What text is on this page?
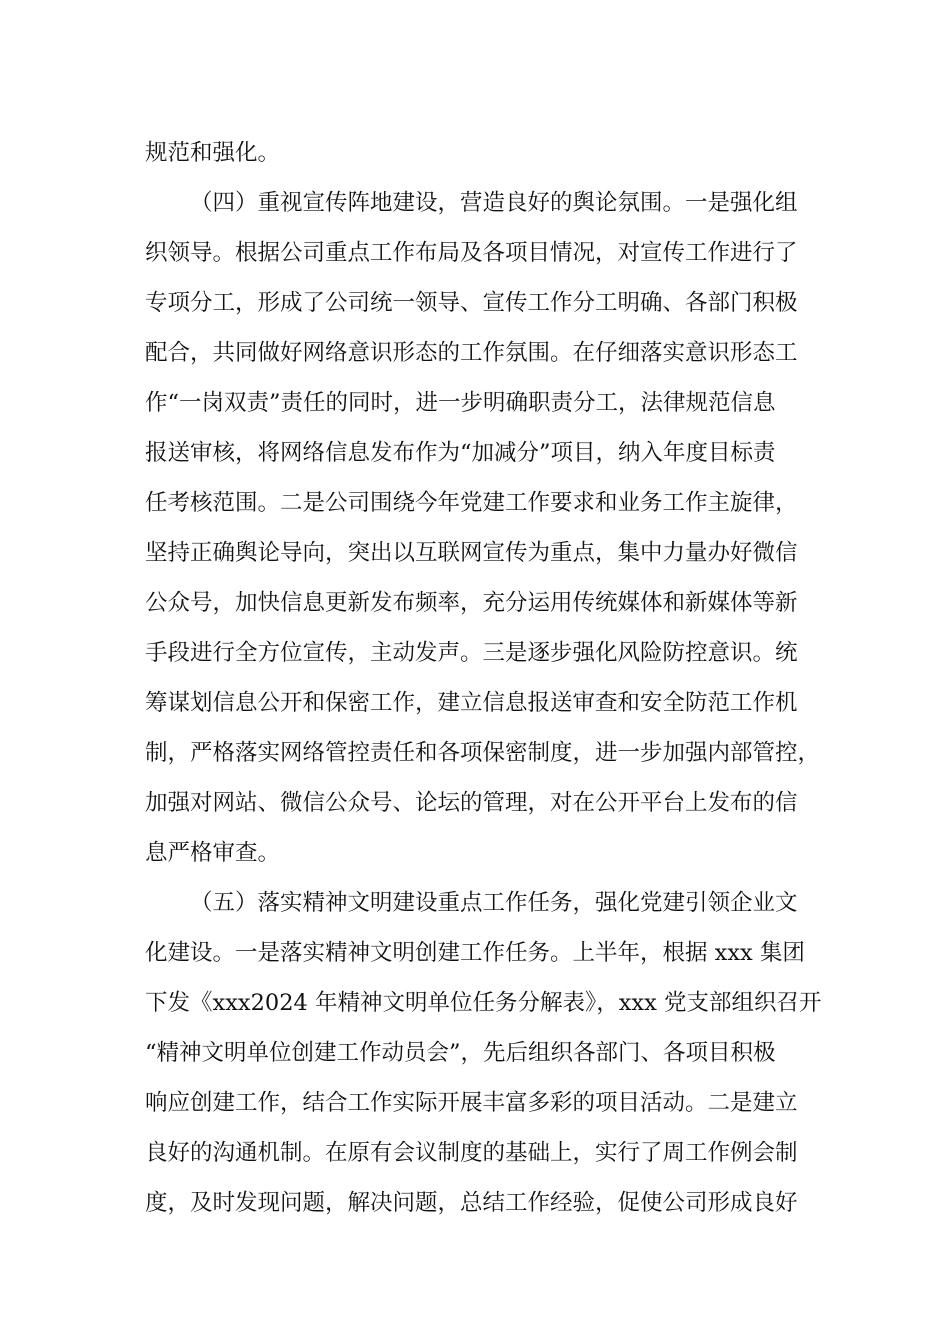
规范和强化。
（四）重视宣传阵地建设，营造良好的舆论氛围。一是强化组
织领导。根据公司重点工作布局及各项目情况，对宣传工作进行了
专项分工，形成了公司统一领导、宣传工作分工明确、各部门积极
配合，共同做好网络意识形态的工作氛围。在仔细落实意识形态工
作“一岗双责”责任的同时，进一步明确职责分工，法律规范信息
报送审核，将网络信息发布作为“加减分”项目，纳入年度目标责
任考核范围。二是公司围绕今年党建工作要求和业务工作主旋律，
坚持正确舆论导向，突出以互联网宣传为重点，集中力量办好微信
公众号，加快信息更新发布频率，充分运用传统媒体和新媒体等新
手段进行全方位宣传，主动发声。三是逐步强化风险防控意识。统
筹谋划信息公开和保密工作，建立信息报送审查和安全防范工作机
制，严格落实网络管控责任和各项保密制度，进一步加强内部管控，
加强对网站、微信公众号、论坛的管理，对在公开平台上发布的信
息严格审查。
（五）落实精神文明建设重点工作任务，强化党建引领企业文
化建设。一是落实精神文明创建工作任务。上半年，根据 xxx 集团
下发《xxx2024 年精神文明单位任务分解表》，xxx 党支部组织召开
“精神文明单位创建工作动员会”，先后组织各部门、各项目积极
响应创建工作，结合工作实际开展丰富多彩的项目活动。二是建立
良好的沟通机制。在原有会议制度的基础上，实行了周工作例会制
度，及时发现问题，解决问题，总结工作经验，促使公司形成良好
